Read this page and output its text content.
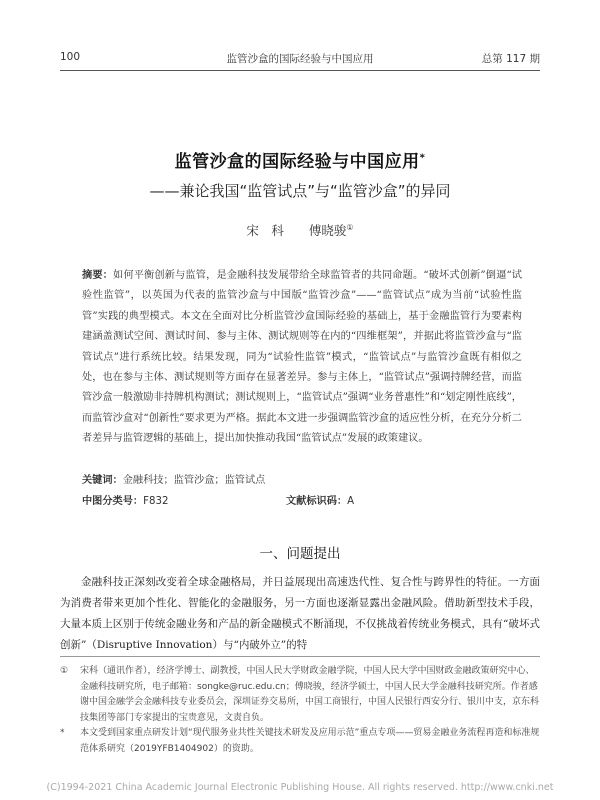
100	监管沙盒的国际经验与中国应用	总第 117 期
监管沙盒的国际经验与中国应用*
——兼论我国“监管试点”与“监管沙盒”的异同
宋　科　　傅晓骏①
摘要：如何平衡创新与监管，是金融科技发展带给全球监管者的共同命题。“破坏式创新”倒逼“试验性监管”，以英国为代表的监管沙盒与中国版“监管沙盒”——“监管试点”成为当前“试验性监管”实践的典型模式。本文在全面对比分析监管沙盒国际经验的基础上，基于金融监管行为要素构建涵盖测试空间、测试时间、参与主体、测试规则等在内的“四维框架”，并据此将监管沙盒与“监管试点”进行系统比较。结果发现，同为“试验性监管”模式，“监管试点”与监管沙盒既有相似之处，也在参与主体、测试规则等方面存在显著差异。参与主体上，“监管试点”强调持牌经营，而监管沙盒一般激励非持牌机构测试；测试规则上，“监管试点”强调“业务普惠性”和“划定刚性底线”，而监管沙盒对“创新性”要求更为严格。据此本文进一步强调监管沙盒的适应性分析，在充分分析二者差异与监管逻辑的基础上，提出加快推动我国“监管试点”发展的政策建议。
关键词：金融科技；监管沙盒；监管试点
中图分类号：F832	文献标识码：A
一、问题提出
金融科技正深刻改变着全球金融格局，并日益展现出高速迭代性、复合性与跨界性的特征。一方面为消费者带来更加个性化、智能化的金融服务，另一方面也逐渐显露出金融风险。借助新型技术手段，大量本质上区别于传统金融业务和产品的新金融模式不断涌现，不仅挑战着传统业务模式，具有“破坏式创新”（Disruptive Innovation）与“内破外立”的特
① 宋科（通讯作者），经济学博士、副教授，中国人民大学财政金融学院，中国人民大学中国财政金融政策研究中心、金融科技研究所，电子邮箱：songke@ruc.edu.cn；傅晓骏，经济学硕士，中国人民大学金融科技研究所。作者感谢中国金融学会金融科技专业委员会，深圳证券交易所，中国工商银行，中国人民银行西安分行、银川中支，京东科技集团等部门专家提出的宝贵意见，文责自负。
* 本文受到国家重点研发计划“现代服务业共性关键技术研发及应用示范”重点专项——贸易金融业务流程再造和标准规范体系研究（2019YFB1404902）的资助。
(C)1994-2021 China Academic Journal Electronic Publishing House. All rights reserved. http://www.cnki.net
